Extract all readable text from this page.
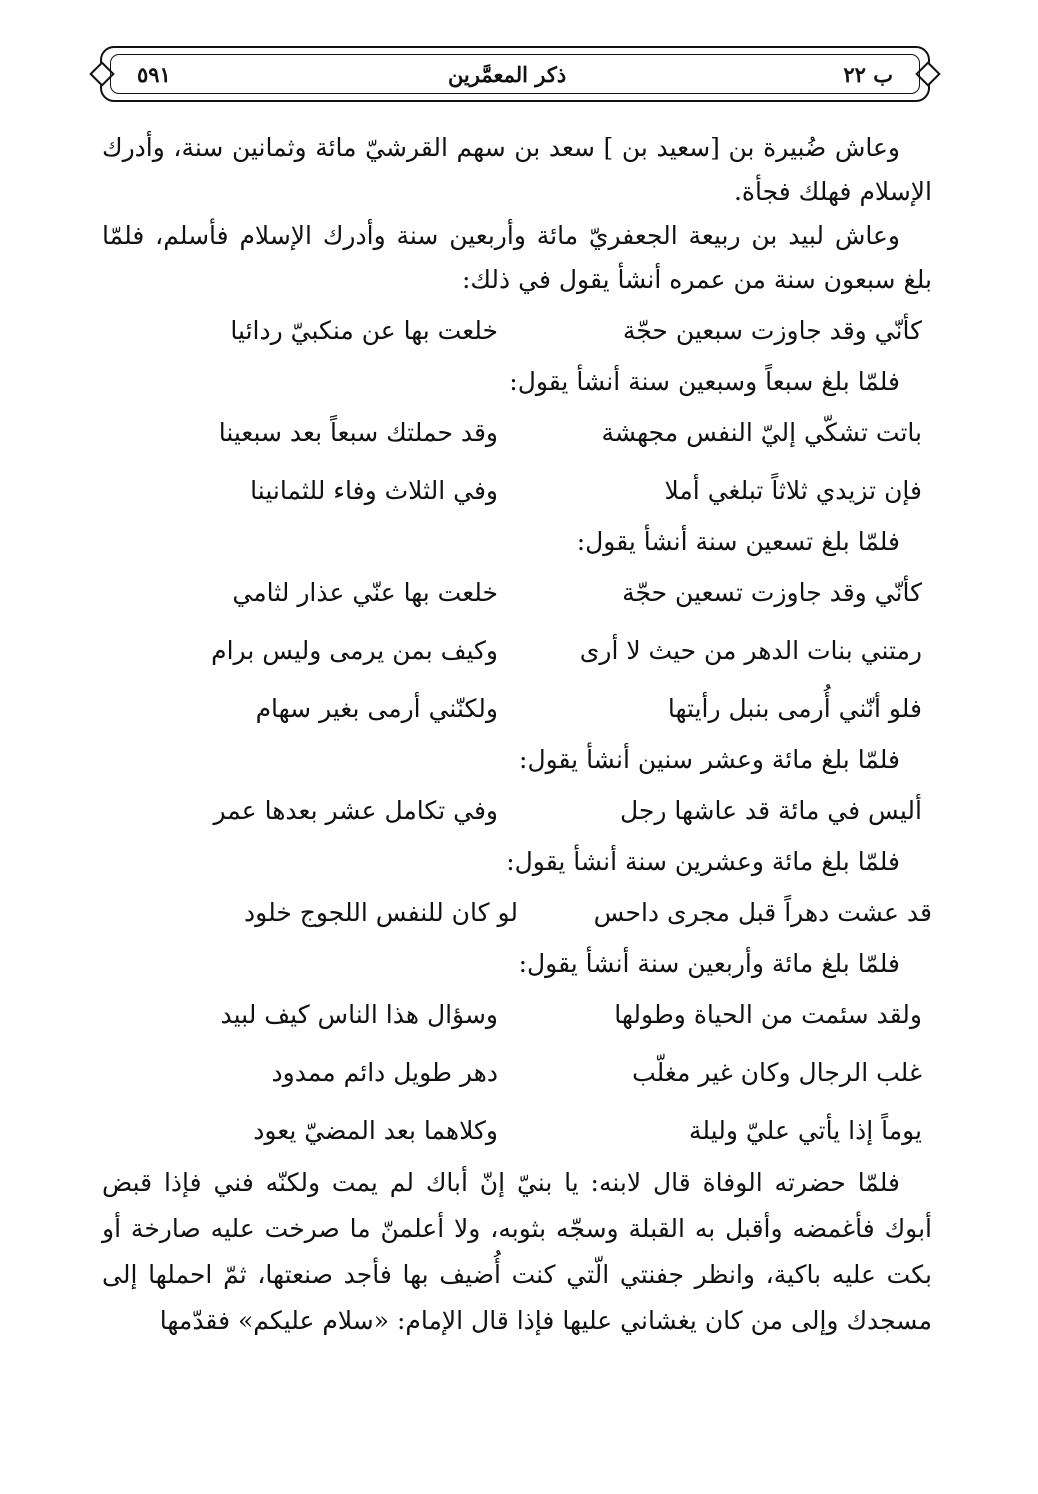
ب ٢٢
ذكر المعمَّرين
٥٩١

وعاش ضُبيرة بن [سعيد بن ] سعد بن سهم القرشيّ مائة وثمانين سنة، وأدرك الإسلام فهلك فجأة.

وعاش لبيد بن ربيعة الجعفريّ مائة وأربعين سنة وأدرك الإسلام فأسلم، فلمّا بلغ سبعون سنة من عمره أنشأ يقول في ذلك:

كأنّي وقد جاوزت سبعين حجّة
خلعت بها عن منكبيّ ردائيا
فلمّا بلغ سبعاً وسبعين سنة أنشأ يقول:
باتت تشكّي إليّ النفس مجهشة
وقد حملتك سبعاً بعد سبعينا
فإن تزيدي ثلاثاً تبلغي أملا
وفي الثلاث وفاء للثمانينا
فلمّا بلغ تسعين سنة أنشأ يقول:
كأنّي وقد جاوزت تسعين حجّة
خلعت بها عنّي عذار لثامي
رمتني بنات الدهر من حيث لا أرى
وكيف بمن يرمى وليس برام
فلو أنّني أُرمى بنبل رأيتها
ولكنّني أرمى بغير سهام
فلمّا بلغ مائة وعشر سنين أنشأ يقول:
أليس في مائة قد عاشها رجل
وفي تكامل عشر بعدها عمر
فلمّا بلغ مائة وعشرين سنة أنشأ يقول:
قد عشت دهراً قبل مجرى داحس
لو كان للنفس اللجوج خلود
فلمّا بلغ مائة وأربعين سنة أنشأ يقول:
ولقد سئمت من الحياة وطولها
وسؤال هذا الناس كيف لبيد
غلب الرجال وكان غير مغلّب
دهر طويل دائم ممدود
يوماً إذا يأتي عليّ وليلة
وكلاهما بعد المضيّ يعود

فلمّا حضرته الوفاة قال لابنه: يا بنيّ إنّ أباك لم يمت ولكنّه فني فإذا قبض أبوك فأغمضه وأقبل به القبلة وسجّه بثوبه، ولا أعلمنّ ما صرخت عليه صارخة أو بكت عليه باكية، وانظر جفنتي الّتي كنت أُضيف بها فأجد صنعتها، ثمّ احملها إلى مسجدك وإلى من كان يغشاني عليها فإذا قال الإمام: «سلام عليكم» فقدّمها
